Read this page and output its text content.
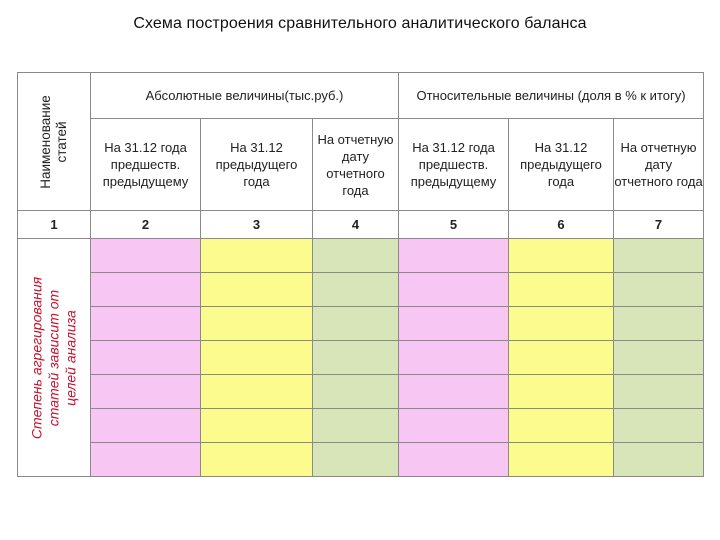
Схема построения сравнительного аналитического баланса
Наименование
статей	Абсолютные величины(тыс.руб.)			Относительные величины (доля в % к итогу)		
	На 31.12 года предшеств. предыдущему	На 31.12 предыдущего года	На отчетную дату отчетного года	На 31.12 года предшеств. предыдущему	На 31.12 предыдущего года	На отчетную дату отчетного года
1	2	3	4	5	6	7

Степень агрегирования
статей зависит от
целей анализа						
